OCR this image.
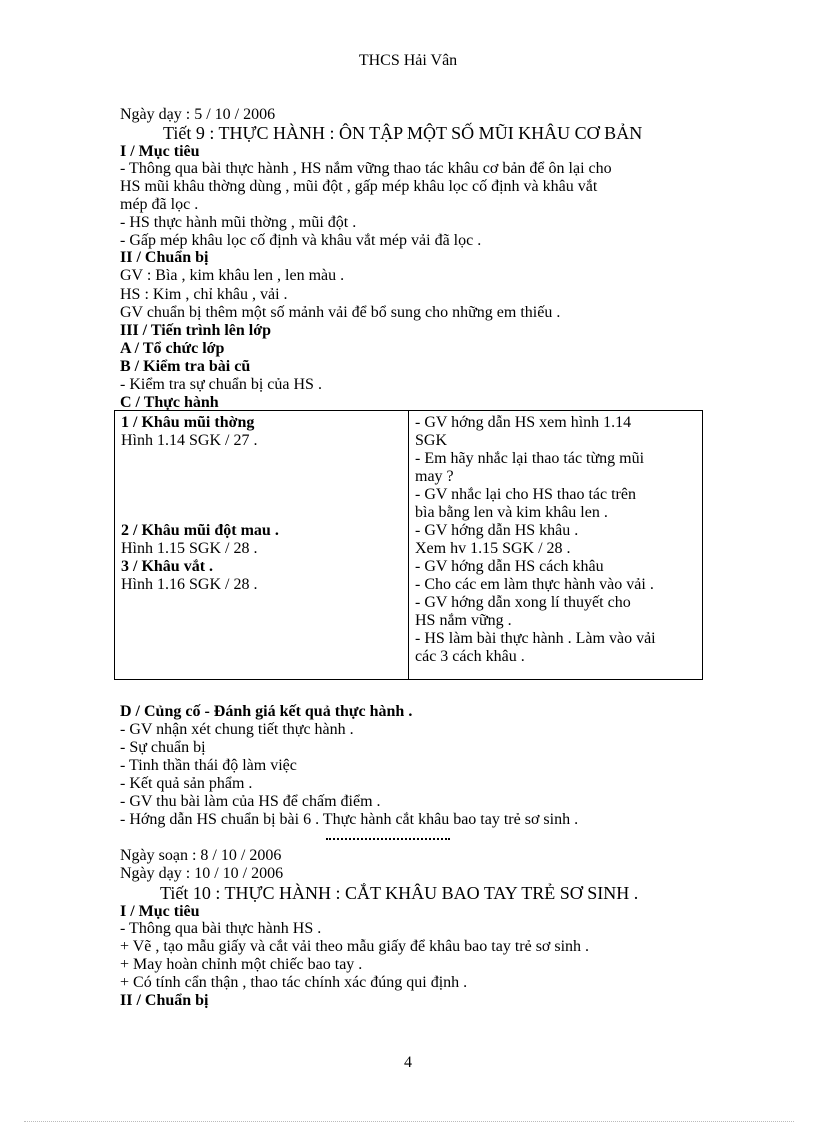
THCS Hải Vân
Ngày dạy : 5 / 10 / 2006
Tiết 9 : THỰC HÀNH : ÔN TẬP MỘT SỐ MŨI KHÂU CƠ BẢN
I / Mục tiêu
- Thông qua bài thực hành , HS nắm vững thao tác khâu cơ bản để ôn lại cho
HS mũi khâu thờng dùng , mũi đột , gấp mép khâu lọc cố định và khâu vắt
mép đã lọc .
- HS thực hành mũi thờng , mũi đột .
- Gấp mép khâu lọc cố định và khâu vắt mép vải đã lọc .
II / Chuẩn bị
GV : Bìa , kim khâu len , len màu .
HS : Kim , chỉ khâu , vải .
GV chuẩn bị thêm một số mảnh vải để bổ sung cho những em thiếu .
III / Tiến trình lên lớp
A / Tổ chức lớp
B / Kiểm tra bài cũ
- Kiểm tra sự chuẩn bị của HS .
C / Thực hành
1 / Khâu mũi thờng
Hình 1.14 SGK / 27 .
2 / Khâu mũi đột mau .
Hình 1.15 SGK / 28 .
3 / Khâu vắt .
Hình 1.16 SGK / 28 .
- GV hớng dẫn HS xem hình 1.14
SGK
- Em hãy nhắc lại thao tác từng mũi
may ?
- GV nhắc lại cho HS thao tác trên
bìa bằng len và kim khâu len .
- GV hớng dẫn HS khâu .
Xem hv 1.15 SGK / 28 .
- GV hớng dẫn HS cách khâu
- Cho các em làm thực hành vào vải .
- GV hớng dẫn xong lí thuyết cho
HS nắm vững .
- HS làm bài thực hành . Làm vào vải
các 3 cách khâu .
D / Củng cố - Đánh giá kết quả thực hành .
- GV nhận xét chung tiết thực hành .
- Sự chuẩn bị
- Tinh thần thái độ làm việc
- Kết quả sản phẩm .
- GV thu bài làm của HS để chấm điểm .
- Hớng dẫn HS chuẩn bị bài 6 . Thực hành cắt khâu bao tay trẻ sơ sinh .
Ngày soạn : 8 / 10 / 2006
Ngày dạy : 10 / 10 / 2006
Tiết 10 : THỰC HÀNH : CẮT KHÂU BAO TAY TRẺ SƠ SINH .
I / Mục tiêu
- Thông qua bài thực hành HS .
+ Vẽ , tạo mẫu giấy và cắt vải theo mẫu giấy để khâu bao tay trẻ sơ sinh .
+ May hoàn chỉnh một chiếc bao tay .
+ Có tính cẩn thận , thao tác chính xác đúng qui định .
II / Chuẩn bị
4
